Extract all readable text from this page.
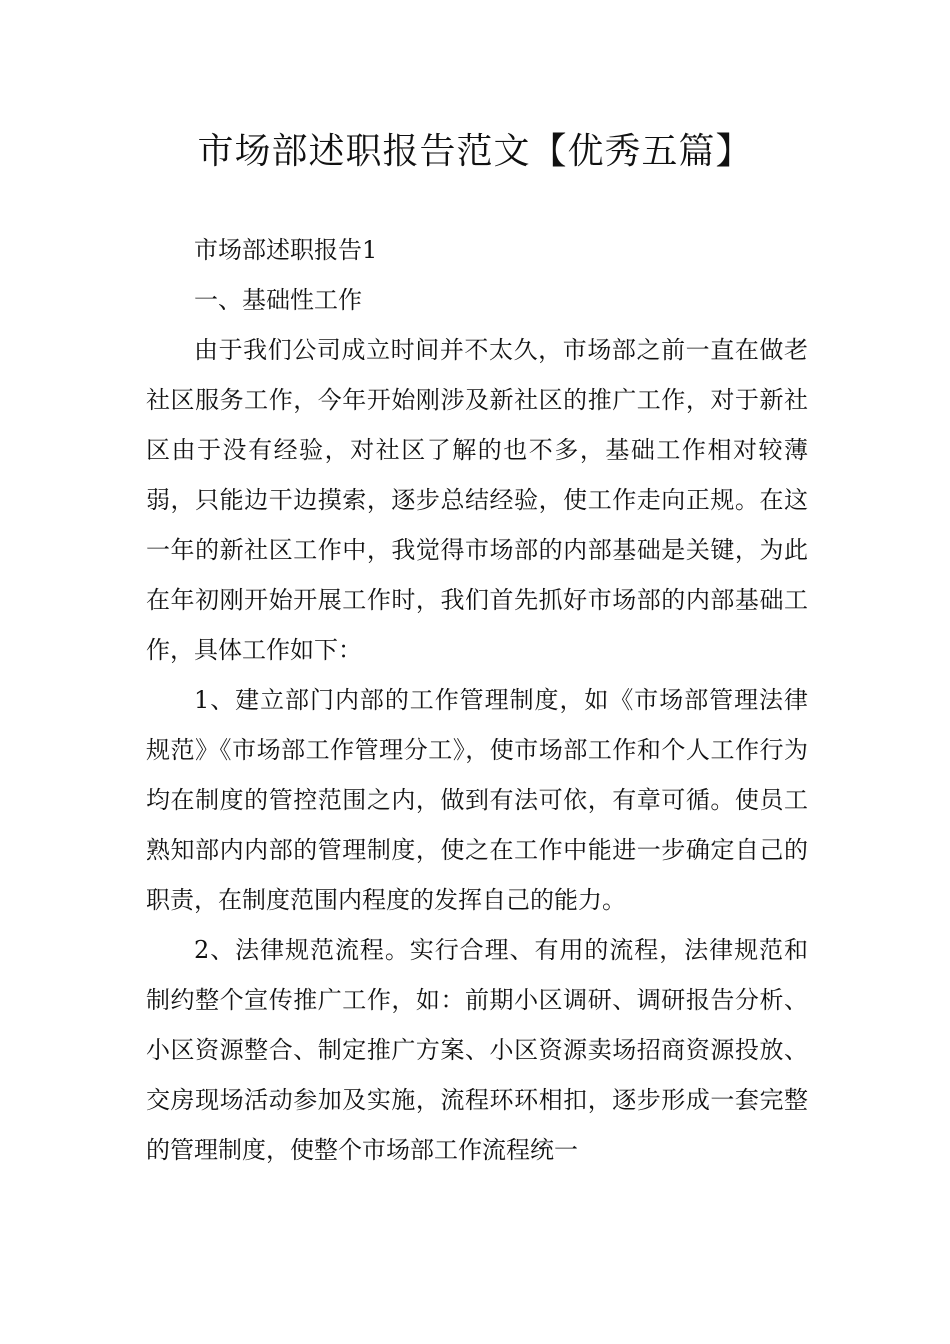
市场部述职报告范文【优秀五篇】

市场部述职报告1

一、基础性工作

由于我们公司成立时间并不太久，市场部之前一直在做老社区服务工作，今年开始刚涉及新社区的推广工作，对于新社区由于没有经验，对社区了解的也不多，基础工作相对较薄弱，只能边干边摸索，逐步总结经验，使工作走向正规。在这一年的新社区工作中，我觉得市场部的内部基础是关键，为此在年初刚开始开展工作时，我们首先抓好市场部的内部基础工作，具体工作如下：

1、建立部门内部的工作管理制度，如《市场部管理法律规范》《市场部工作管理分工》，使市场部工作和个人工作行为均在制度的管控范围之内，做到有法可依，有章可循。使员工熟知部内内部的管理制度，使之在工作中能进一步确定自己的职责，在制度范围内程度的发挥自己的能力。

2、法律规范流程。实行合理、有用的流程，法律规范和制约整个宣传推广工作，如：前期小区调研、调研报告分析、小区资源整合、制定推广方案、小区资源卖场招商资源投放、交房现场活动参加及实施，流程环环相扣，逐步形成一套完整的管理制度，使整个市场部工作流程统一
